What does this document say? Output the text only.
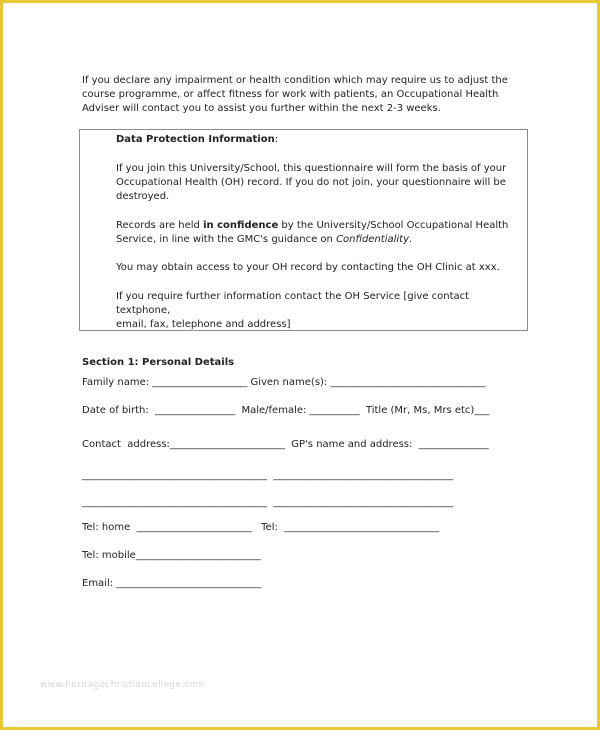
If you declare any impairment or health condition which may require us to adjust the
course programme, or affect fitness for work with patients, an Occupational Health
Adviser will contact you to assist you further within the next 2-3 weeks.
Data Protection Information:

If you join this University/School, this questionnaire will form the basis of your
Occupational Health (OH) record. If you do not join, your questionnaire will be
destroyed.

Records are held in confidence by the University/School Occupational Health
Service, in line with the GMC's guidance on Confidentiality.

You may obtain access to your OH record by contacting the OH Clinic at xxx.

If you require further information contact the OH Service [give contact textphone,
email, fax, telephone and address]

Section 1: Personal Details
Family name: ___________________ Given name(s): _______________________________
Date of birth:  ________________  Male/female: __________  Title (Mr, Ms, Mrs etc)___
Contact  address:_______________________  GP's name and address:  ______________
_____________________________________  ____________________________________
_____________________________________  ____________________________________
Tel: home  _______________________   Tel:  _______________________________
Tel: mobile_________________________
Email: _____________________________
www.heritagechristiancollege.com
